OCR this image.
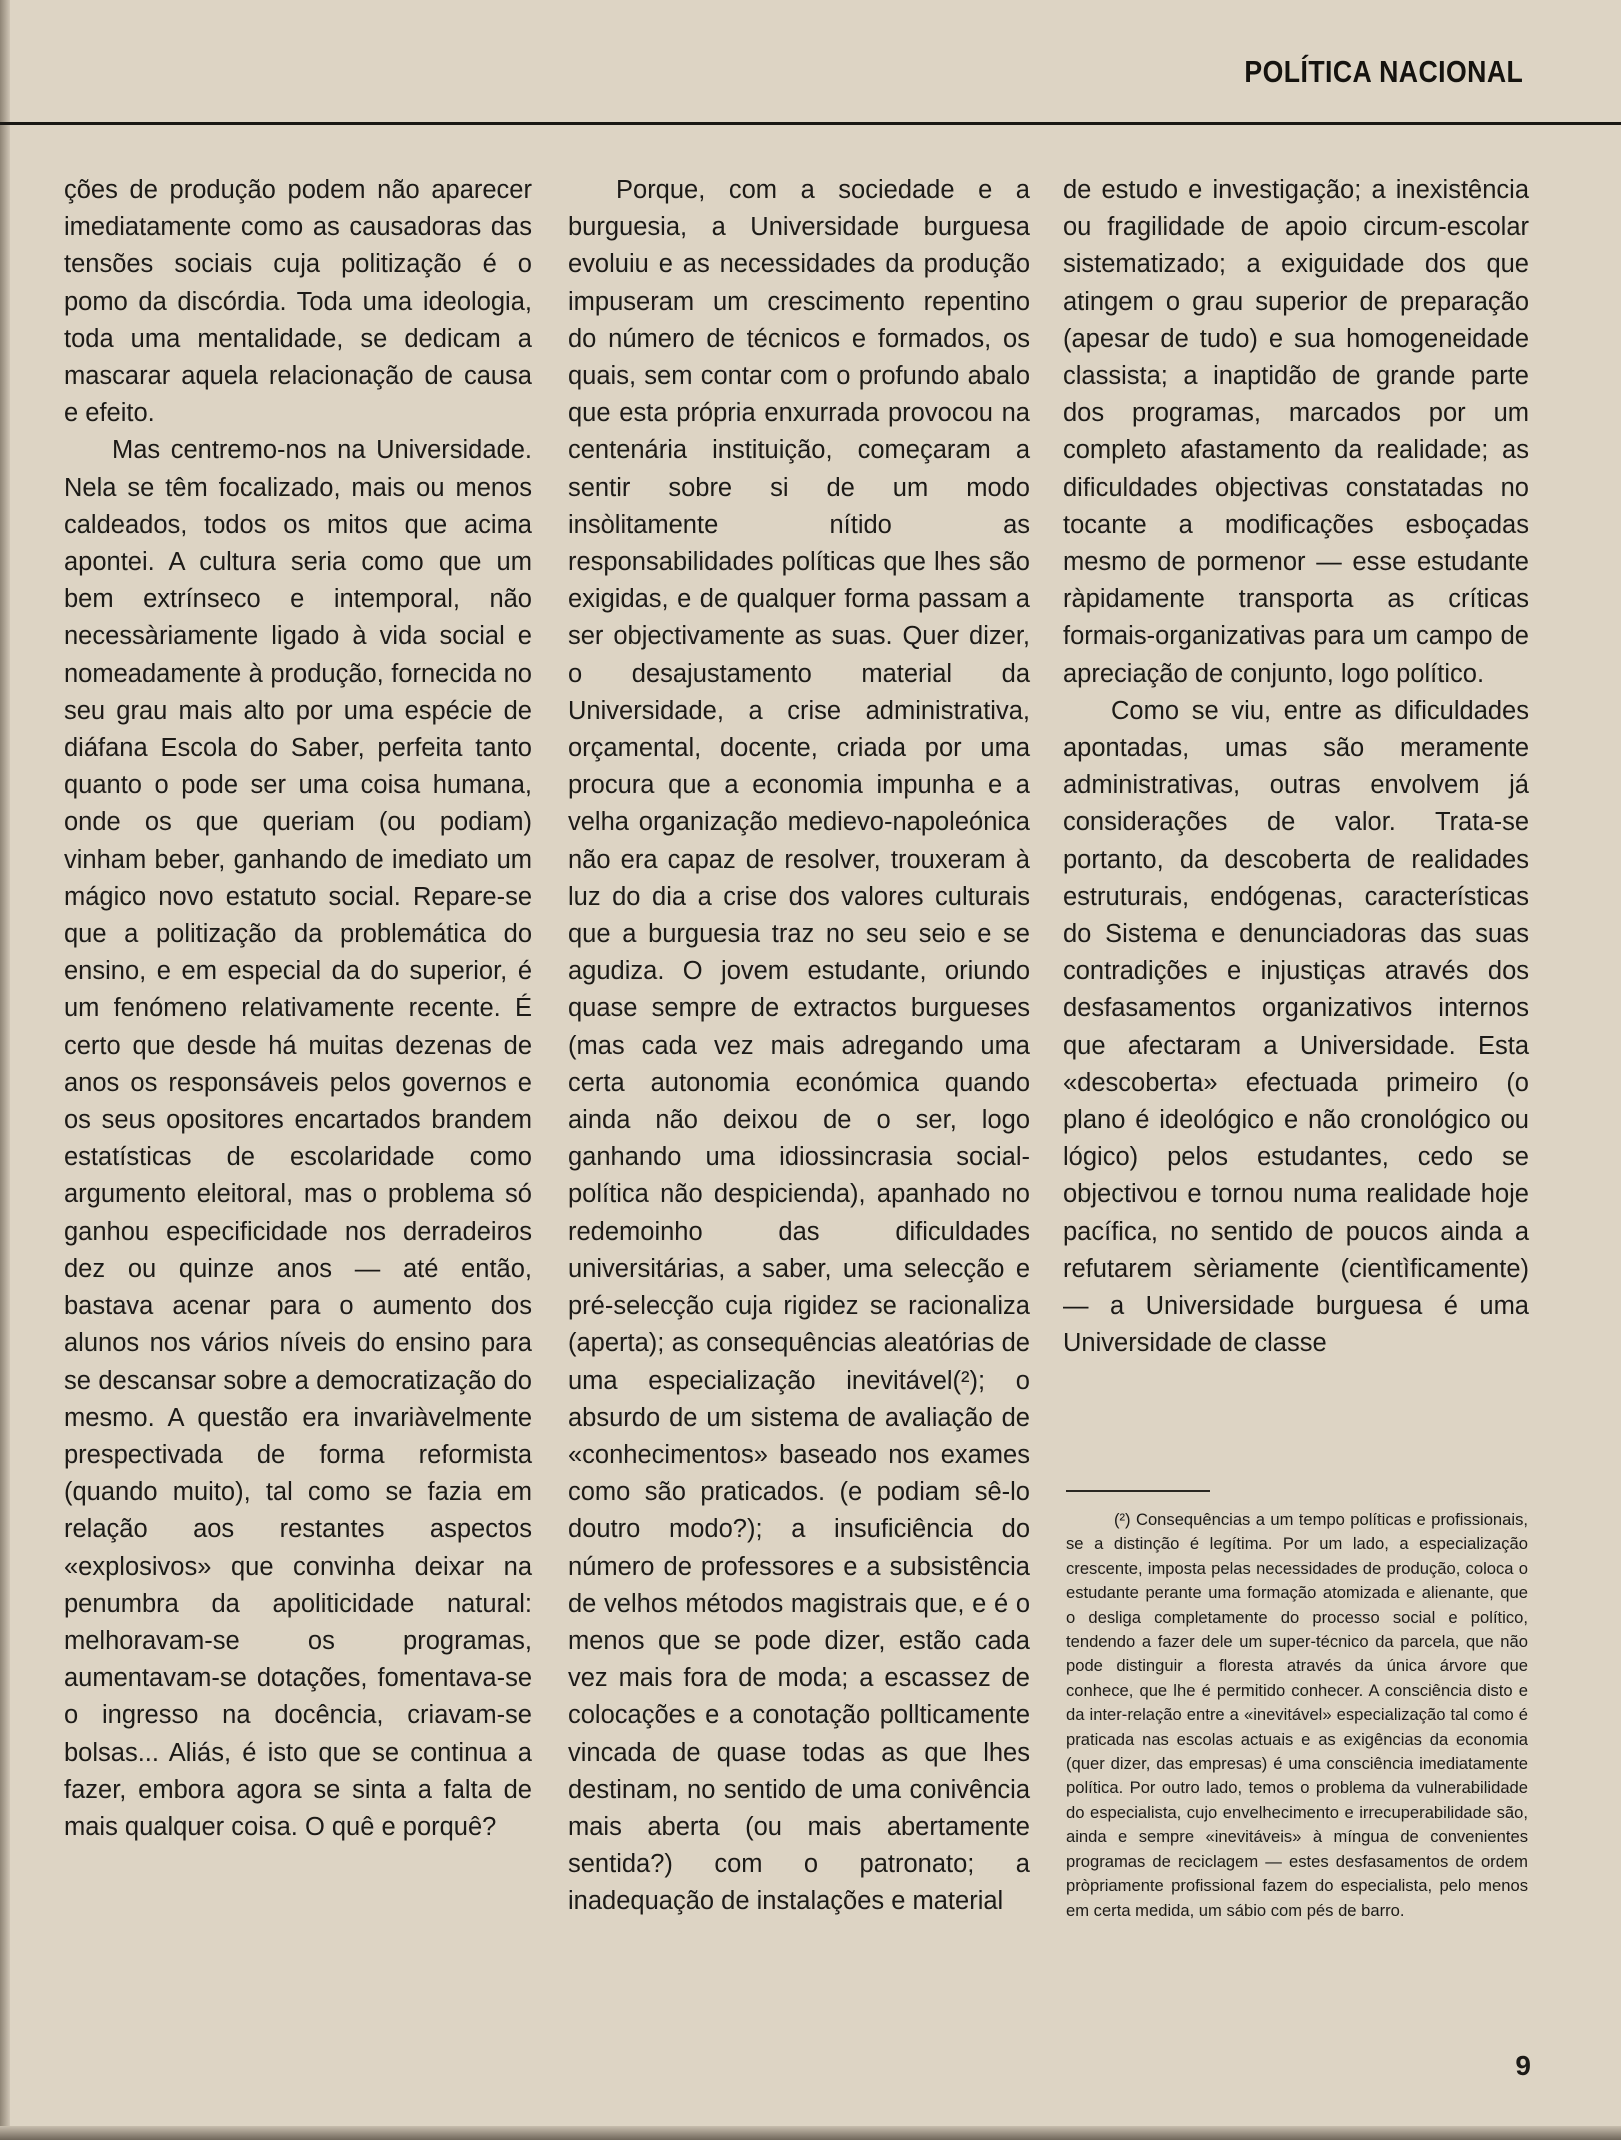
POLÍTICA NACIONAL

ções de produção podem não aparecer imediatamente como as causadoras das tensões sociais cuja politização é o pomo da discórdia. Toda uma ideologia, toda uma mentalidade, se dedicam a mascarar aquela relacionação de causa e efeito.

Mas centremo-nos na Universidade. Nela se têm focalizado, mais ou menos caldeados, todos os mitos que acima apontei. A cultura seria como que um bem extrínseco e intemporal, não necessàriamente ligado à vida social e nomeadamente à produção, fornecida no seu grau mais alto por uma espécie de diáfana Escola do Saber, perfeita tanto quanto o pode ser uma coisa humana, onde os que queriam (ou podiam) vinham beber, ganhando de imediato um mágico novo estatuto social. Repare-se que a politização da problemática do ensino, e em especial da do superior, é um fenómeno relativamente recente. É certo que desde há muitas dezenas de anos os responsáveis pelos governos e os seus opositores encartados brandem estatísticas de escolaridade como argumento eleitoral, mas o problema só ganhou especificidade nos derradeiros dez ou quinze anos — até então, bastava acenar para o aumento dos alunos nos vários níveis do ensino para se descansar sobre a democratização do mesmo. A questão era invariàvelmente prespectivada de forma reformista (quando muito), tal como se fazia em relação aos restantes aspectos «explosivos» que convinha deixar na penumbra da apoliticidade natural: melhoravam-se os programas, aumentavam-se dotações, fomentava-se o ingresso na docência, criavam-se bolsas... Aliás, é isto que se continua a fazer, embora agora se sinta a falta de mais qualquer coisa. O quê e porquê?

Porque, com a sociedade e a burguesia, a Universidade burguesa evoluiu e as necessidades da produção impuseram um crescimento repentino do número de técnicos e formados, os quais, sem contar com o profundo abalo que esta própria enxurrada provocou na centenária instituição, começaram a sentir sobre si de um modo insòlitamente nítido as responsabilidades políticas que lhes são exigidas, e de qualquer forma passam a ser objectivamente as suas. Quer dizer, o desajustamento material da Universidade, a crise administrativa, orçamental, docente, criada por uma procura que a economia impunha e a velha organização medievo-napoleónica não era capaz de resolver, trouxeram à luz do dia a crise dos valores culturais que a burguesia traz no seu seio e se agudiza. O jovem estudante, oriundo quase sempre de extractos burgueses (mas cada vez mais adregando uma certa autonomia económica quando ainda não deixou de o ser, logo ganhando uma idiossincrasia social-política não despicienda), apanhado no redemoinho das dificuldades universitárias, a saber, uma selecção e pré-selecção cuja rigidez se racionaliza (aperta); as consequências aleatórias de uma especialização inevitável(²); o absurdo de um sistema de avaliação de «conhecimentos» baseado nos exames como são praticados. (e podiam sê-lo doutro modo?); a insuficiência do número de professores e a subsistência de velhos métodos magistrais que, e é o menos que se pode dizer, estão cada vez mais fora de moda; a escassez de colocações e a conotação pollticamente vincada de quase todas as que lhes destinam, no sentido de uma conivência mais aberta (ou mais abertamente sentida?) com o patronato; a inadequação de instalações e material

de estudo e investigação; a inexistência ou fragilidade de apoio circum-escolar sistematizado; a exiguidade dos que atingem o grau superior de preparação (apesar de tudo) e sua homogeneidade classista; a inaptidão de grande parte dos programas, marcados por um completo afastamento da realidade; as dificuldades objectivas constatadas no tocante a modificações esboçadas mesmo de pormenor — esse estudante ràpidamente transporta as críticas formais-organizativas para um campo de apreciação de conjunto, logo político.

Como se viu, entre as dificuldades apontadas, umas são meramente administrativas, outras envolvem já considerações de valor. Trata-se portanto, da descoberta de realidades estruturais, endógenas, características do Sistema e denunciadoras das suas contradições e injustiças através dos desfasamentos organizativos internos que afectaram a Universidade. Esta «descoberta» efectuada primeiro (o plano é ideológico e não cronológico ou lógico) pelos estudantes, cedo se objectivou e tornou numa realidade hoje pacífica, no sentido de poucos ainda a refutarem sèriamente (cientìficamente) — a Universidade burguesa é uma Universidade de classe

(²) Consequências a um tempo políticas e profissionais, se a distinção é legítima. Por um lado, a especialização crescente, imposta pelas necessidades de produção, coloca o estudante perante uma formação atomizada e alienante, que o desliga completamente do processo social e político, tendendo a fazer dele um super-técnico da parcela, que não pode distinguir a floresta através da única árvore que conhece, que lhe é permitido conhecer. A consciência disto e da inter-relação entre a «inevitável» especialização tal como é praticada nas escolas actuais e as exigências da economia (quer dizer, das empresas) é uma consciência imediatamente política. Por outro lado, temos o problema da vulnerabilidade do especialista, cujo envelhecimento e irrecuperabilidade são, ainda e sempre «inevitáveis» à míngua de convenientes programas de reciclagem — estes desfasamentos de ordem pròpriamente profissional fazem do especialista, pelo menos em certa medida, um sábio com pés de barro.
9
